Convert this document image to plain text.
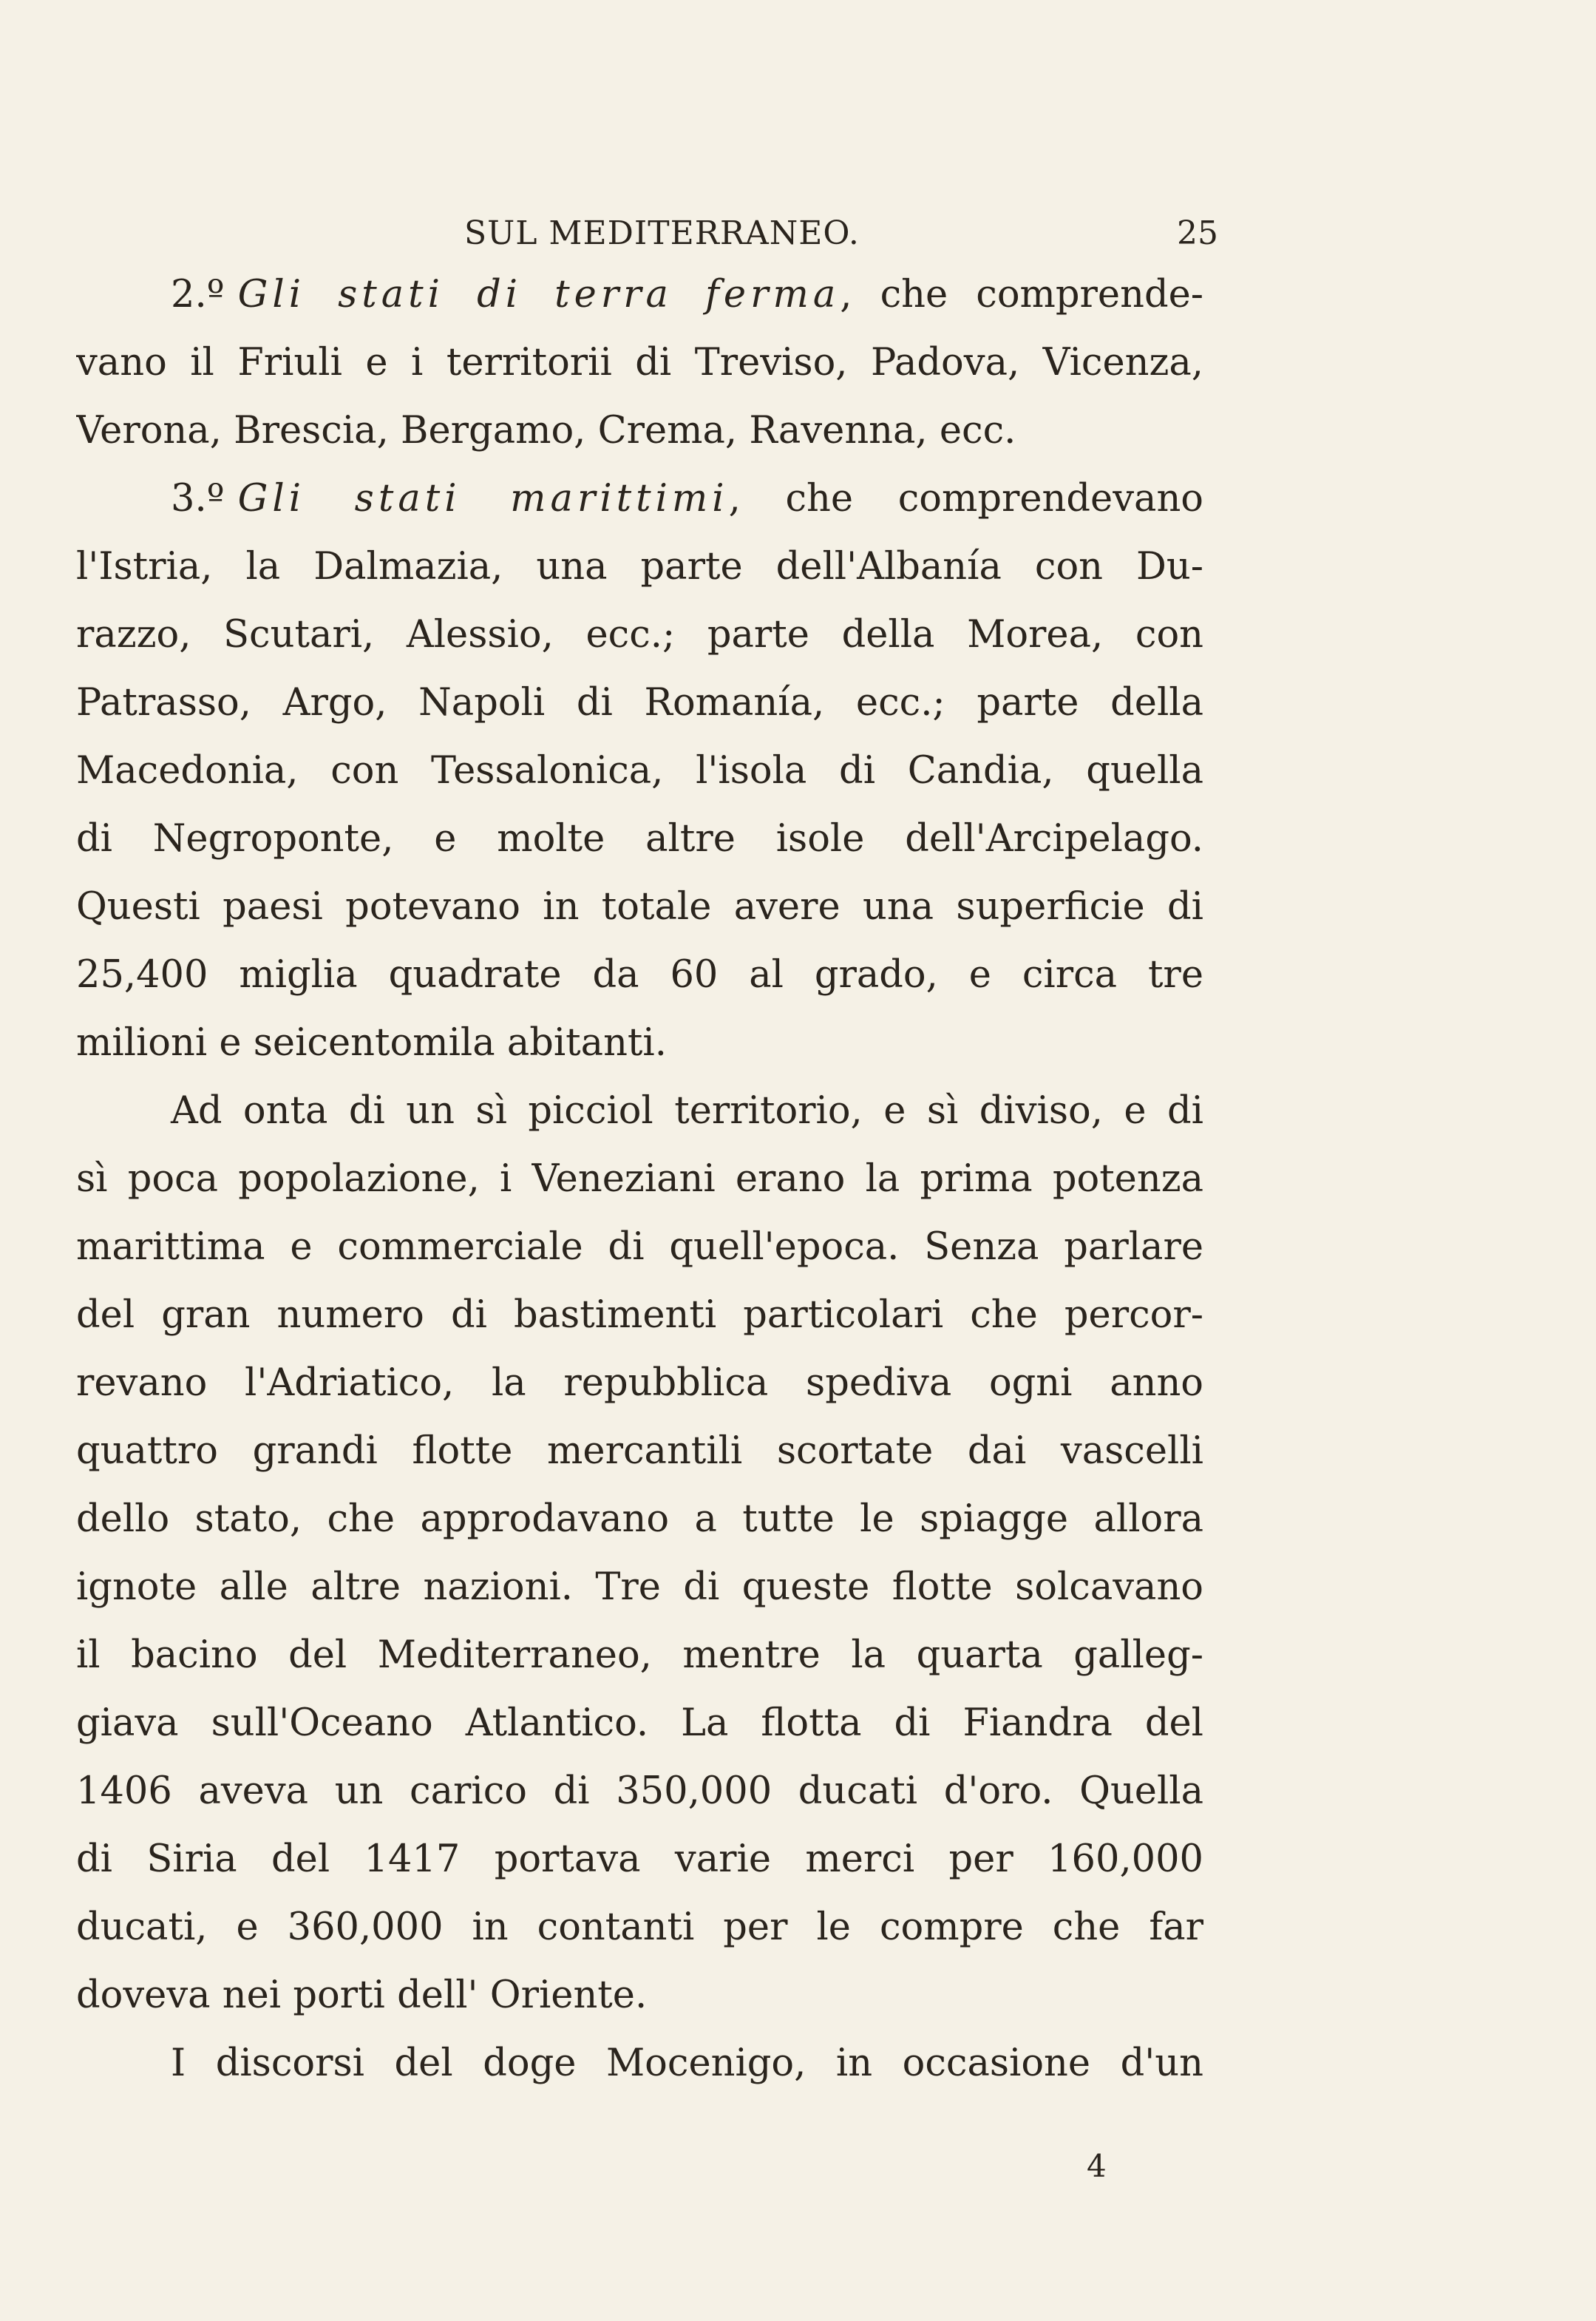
SUL MEDITERRANEO.	25
2.º Gli stati di terra ferma, che comprende-
vano il Friuli e i territorii di Treviso, Padova, Vicenza,
Verona, Brescia, Bergamo, Crema, Ravenna, ecc.
3.º Gli stati marittimi, che comprendevano
l'Istria, la Dalmazia, una parte dell'Albanía con Du-
razzo, Scutari, Alessio, ecc.; parte della Morea, con
Patrasso, Argo, Napoli di Romanía, ecc.; parte della
Macedonia, con Tessalonica, l'isola di Candia, quella
di Negroponte, e molte altre isole dell'Arcipelago.
Questi paesi potevano in totale avere una superficie di
25,400 miglia quadrate da 60 al grado, e circa tre
milioni e seicentomila abitanti.
Ad onta di un sì picciol territorio, e sì diviso, e di
sì poca popolazione, i Veneziani erano la prima potenza
marittima e commerciale di quell'epoca. Senza parlare
del gran numero di bastimenti particolari che percor-
revano l'Adriatico, la repubblica spediva ogni anno
quattro grandi flotte mercantili scortate dai vascelli
dello stato, che approdavano a tutte le spiagge allora
ignote alle altre nazioni. Tre di queste flotte solcavano
il bacino del Mediterraneo, mentre la quarta galleg-
giava sull'Oceano Atlantico. La flotta di Fiandra del
1406 aveva un carico di 350,000 ducati d'oro. Quella
di Siria del 1417 portava varie merci per 160,000
ducati, e 360,000 in contanti per le compre che far
doveva nei porti dell' Oriente.
I discorsi del doge Mocenigo, in occasione d'un
4
